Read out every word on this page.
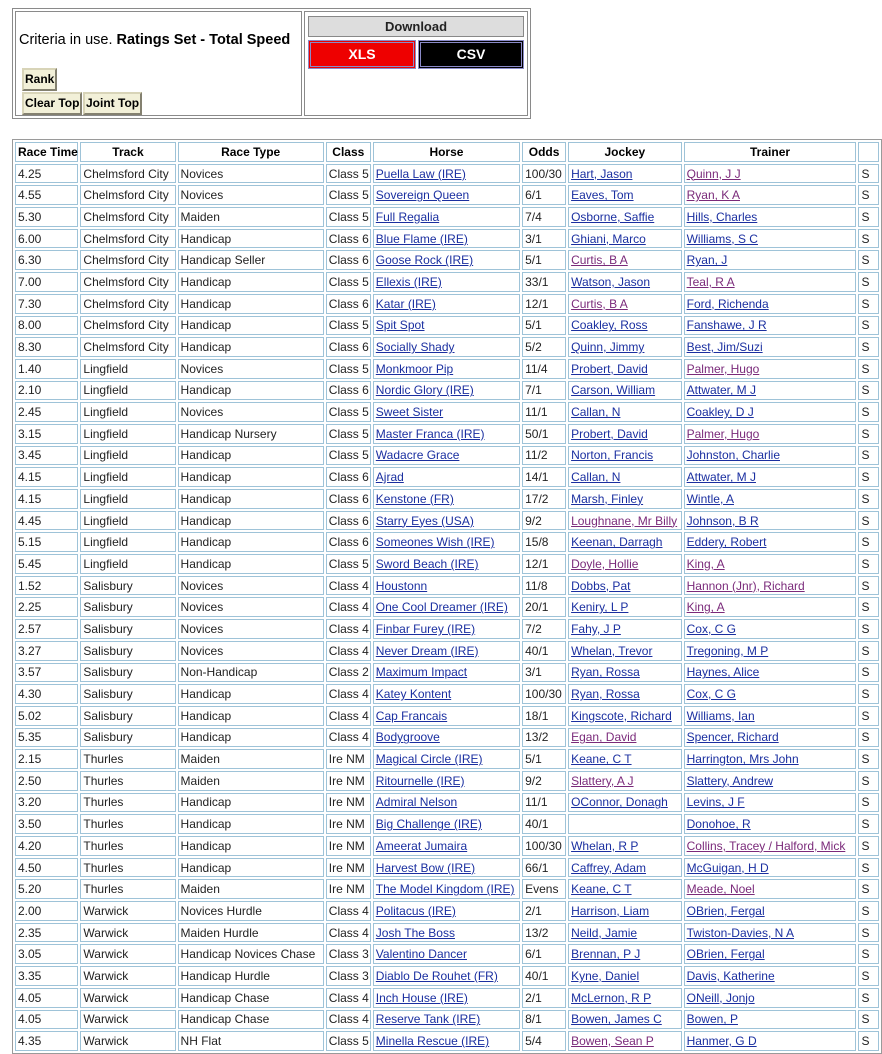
Criteria in use. Ratings Set - Total Speed
Rank
Clear Top Joint Top
Download
XLS	CSV
Race Time	Track	Race Type	Class	Horse	Odds	Jockey	Trainer	
4.25	Chelmsford City	Novices	Class 5	Puella Law (IRE)	100/30	Hart, Jason	Quinn, J J	S
4.55	Chelmsford City	Novices	Class 5	Sovereign Queen	6/1	Eaves, Tom	Ryan, K A	S
5.30	Chelmsford City	Maiden	Class 5	Full Regalia	7/4	Osborne, Saffie	Hills, Charles	S
6.00	Chelmsford City	Handicap	Class 6	Blue Flame (IRE)	3/1	Ghiani, Marco	Williams, S C	S
6.30	Chelmsford City	Handicap Seller	Class 6	Goose Rock (IRE)	5/1	Curtis, B A	Ryan, J	S
7.00	Chelmsford City	Handicap	Class 5	Ellexis (IRE)	33/1	Watson, Jason	Teal, R A	S
7.30	Chelmsford City	Handicap	Class 6	Katar (IRE)	12/1	Curtis, B A	Ford, Richenda	S
8.00	Chelmsford City	Handicap	Class 5	Spit Spot	5/1	Coakley, Ross	Fanshawe, J R	S
8.30	Chelmsford City	Handicap	Class 6	Socially Shady	5/2	Quinn, Jimmy	Best, Jim/Suzi	S
1.40	Lingfield	Novices	Class 5	Monkmoor Pip	11/4	Probert, David	Palmer, Hugo	S
2.10	Lingfield	Handicap	Class 6	Nordic Glory (IRE)	7/1	Carson, William	Attwater, M J	S
2.45	Lingfield	Novices	Class 5	Sweet Sister	11/1	Callan, N	Coakley, D J	S
3.15	Lingfield	Handicap Nursery	Class 5	Master Franca (IRE)	50/1	Probert, David	Palmer, Hugo	S
3.45	Lingfield	Handicap	Class 5	Wadacre Grace	11/2	Norton, Francis	Johnston, Charlie	S
4.15	Lingfield	Handicap	Class 6	Ajrad	14/1	Callan, N	Attwater, M J	S
4.15	Lingfield	Handicap	Class 6	Kenstone (FR)	17/2	Marsh, Finley	Wintle, A	S
4.45	Lingfield	Handicap	Class 6	Starry Eyes (USA)	9/2	Loughnane, Mr Billy	Johnson, B R	S
5.15	Lingfield	Handicap	Class 6	Someones Wish (IRE)	15/8	Keenan, Darragh	Eddery, Robert	S
5.45	Lingfield	Handicap	Class 5	Sword Beach (IRE)	12/1	Doyle, Hollie	King, A	S
1.52	Salisbury	Novices	Class 4	Houstonn	11/8	Dobbs, Pat	Hannon (Jnr), Richard	S
2.25	Salisbury	Novices	Class 4	One Cool Dreamer (IRE)	20/1	Keniry, L P	King, A	S
2.57	Salisbury	Novices	Class 4	Finbar Furey (IRE)	7/2	Fahy, J P	Cox, C G	S
3.27	Salisbury	Novices	Class 4	Never Dream (IRE)	40/1	Whelan, Trevor	Tregoning, M P	S
3.57	Salisbury	Non-Handicap	Class 2	Maximum Impact	3/1	Ryan, Rossa	Haynes, Alice	S
4.30	Salisbury	Handicap	Class 4	Katey Kontent	100/30	Ryan, Rossa	Cox, C G	S
5.02	Salisbury	Handicap	Class 4	Cap Francais	18/1	Kingscote, Richard	Williams, Ian	S
5.35	Salisbury	Handicap	Class 4	Bodygroove	13/2	Egan, David	Spencer, Richard	S
2.15	Thurles	Maiden	Ire NM	Magical Circle (IRE)	5/1	Keane, C T	Harrington, Mrs John	S
2.50	Thurles	Maiden	Ire NM	Ritournelle (IRE)	9/2	Slattery, A J	Slattery, Andrew	S
3.20	Thurles	Handicap	Ire NM	Admiral Nelson	11/1	OConnor, Donagh	Levins, J F	S
3.50	Thurles	Handicap	Ire NM	Big Challenge (IRE)	40/1		Donohoe, R	S
4.20	Thurles	Handicap	Ire NM	Ameerat Jumaira	100/30	Whelan, R P	Collins, Tracey / Halford, Mick	S
4.50	Thurles	Handicap	Ire NM	Harvest Bow (IRE)	66/1	Caffrey, Adam	McGuigan, H D	S
5.20	Thurles	Maiden	Ire NM	The Model Kingdom (IRE)	Evens	Keane, C T	Meade, Noel	S
2.00	Warwick	Novices Hurdle	Class 4	Politacus (IRE)	2/1	Harrison, Liam	OBrien, Fergal	S
2.35	Warwick	Maiden Hurdle	Class 4	Josh The Boss	13/2	Neild, Jamie	Twiston-Davies, N A	S
3.05	Warwick	Handicap Novices Chase	Class 3	Valentino Dancer	6/1	Brennan, P J	OBrien, Fergal	S
3.35	Warwick	Handicap Hurdle	Class 3	Diablo De Rouhet (FR)	40/1	Kyne, Daniel	Davis, Katherine	S
4.05	Warwick	Handicap Chase	Class 4	Inch House (IRE)	2/1	McLernon, R P	ONeill, Jonjo	S
4.05	Warwick	Handicap Chase	Class 4	Reserve Tank (IRE)	8/1	Bowen, James C	Bowen, P	S
4.35	Warwick	NH Flat	Class 5	Minella Rescue (IRE)	5/4	Bowen, Sean P	Hanmer, G D	S
